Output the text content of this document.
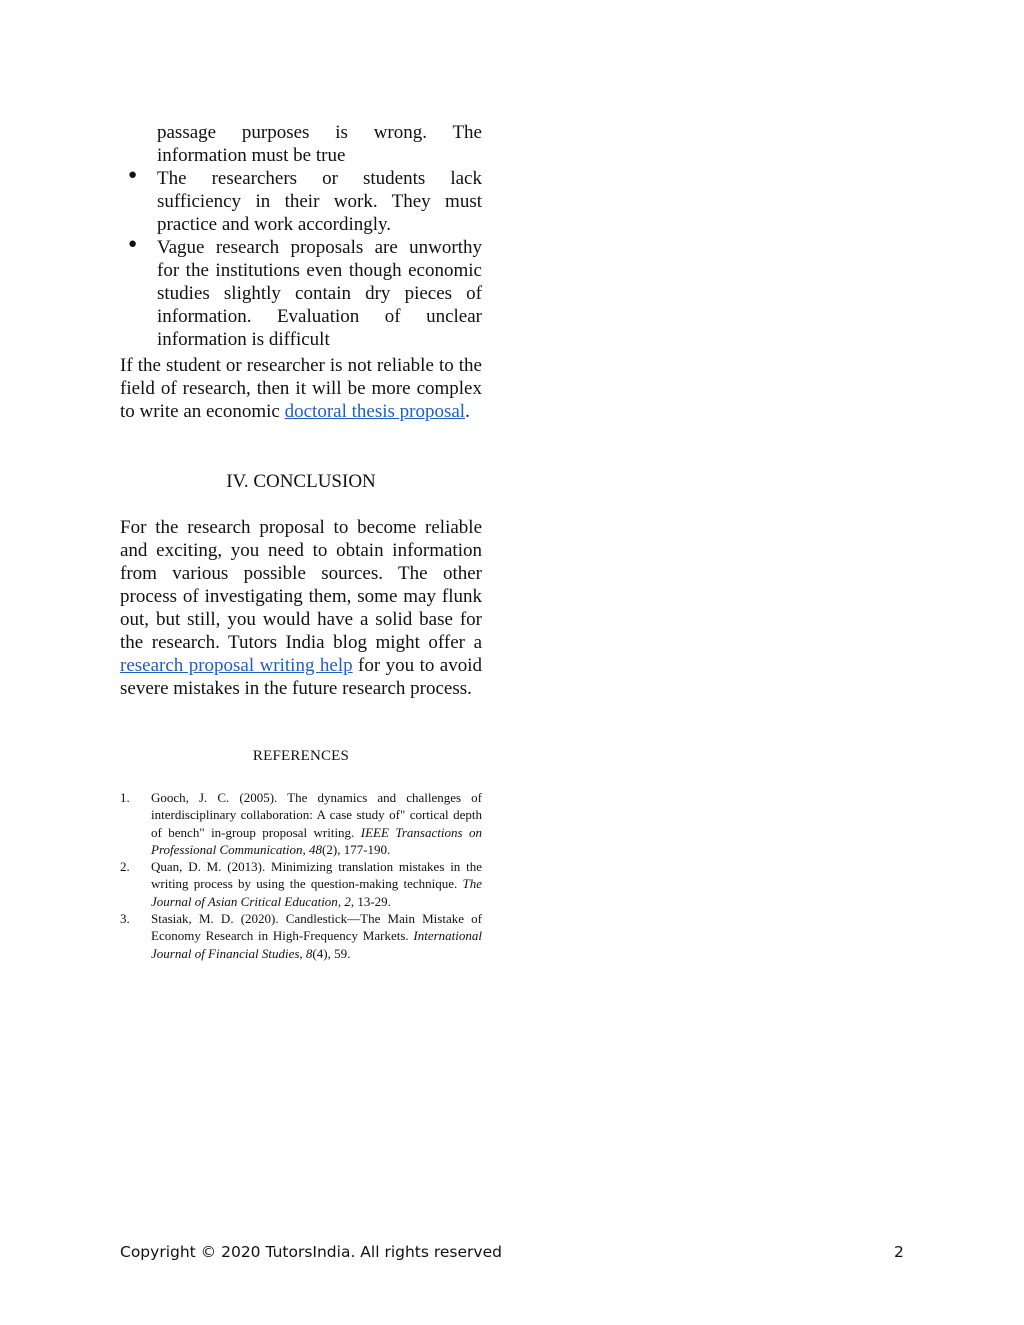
passage purposes is wrong. The information must be true

● The researchers or students lack sufficiency in their work. They must practice and work accordingly.

● Vague research proposals are unworthy for the institutions even though economic studies slightly contain dry pieces of information. Evaluation of unclear information is difficult

If the student or researcher is not reliable to the field of research, then it will be more complex to write an economic doctoral thesis proposal.

IV. CONCLUSION

For the research proposal to become reliable and exciting, you need to obtain information from various possible sources. The other process of investigating them, some may flunk out, but still, you would have a solid base for the research. Tutors India blog might offer a research proposal writing help for you to avoid severe mistakes in the future research process.

REFERENCES
1. Gooch, J. C. (2005). The dynamics and challenges of interdisciplinary collaboration: A case study of" cortical depth of bench" in-group proposal writing. IEEE Transactions on Professional Communication, 48(2), 177-190.
2. Quan, D. M. (2013). Minimizing translation mistakes in the writing process by using the question-making technique. The Journal of Asian Critical Education, 2, 13-29.
3. Stasiak, M. D. (2020). Candlestick—The Main Mistake of Economy Research in High-Frequency Markets. International Journal of Financial Studies, 8(4), 59.
Copyright © 2020 TutorsIndia. All rights reserved	2
